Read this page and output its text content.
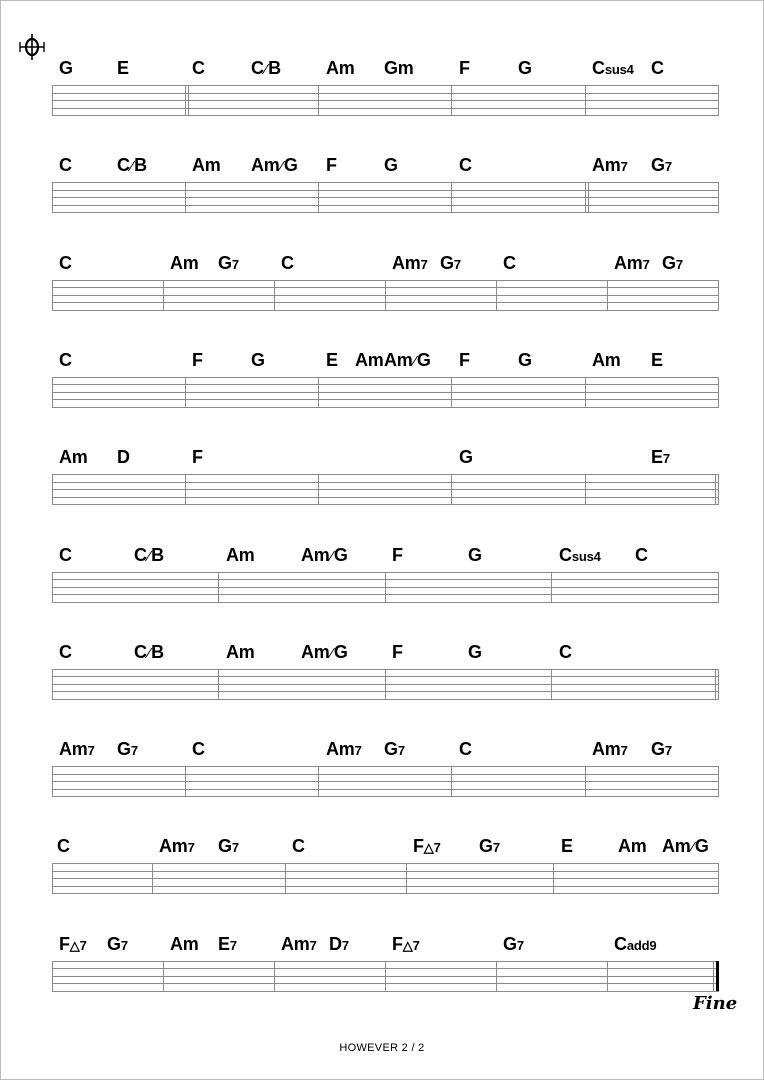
G E	C	C⁄B	Am Gm	F	G	Csus4 C
C	C⁄B	Am Am⁄G F	G	C	Am7 G7
C	Am G7 C	Am7 G7 C	Am7 G7
C	F	G	E Am Am⁄G F	G	Am E
Am D	F	G	E7
C	C⁄B	Am	Am⁄G F	G	Csus4 C
C	C⁄B	Am	Am⁄G F	G	C
Am7 G7	C	Am7 G7	C	Am7 G7
C	Am7 G7	C	F△7 G7	E	Am Am⁄G
F△7 G7 Am E7 Am7 D7 F△7	G7	Cadd9
Fine
HOWEVER 2 / 2
